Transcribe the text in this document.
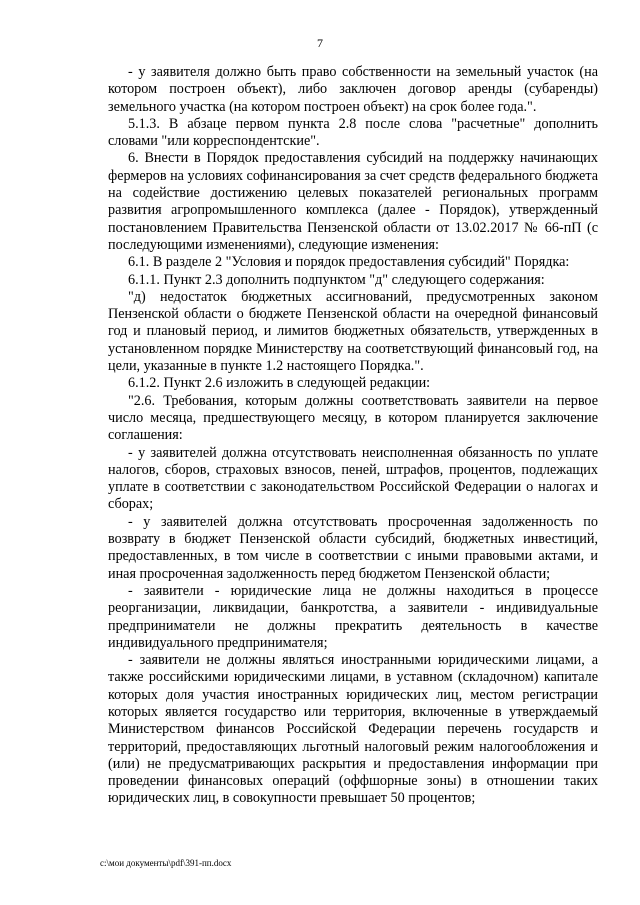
7

- у заявителя должно быть право собственности на земельный участок (на котором построен объект), либо заключен договор аренды (субаренды) земельного участка (на котором построен объект) на срок более года.".

5.1.3. В абзаце первом пункта 2.8 после слова "расчетные" дополнить словами "или корреспондентские".

6. Внести в Порядок предоставления субсидий на поддержку начинающих фермеров на условиях софинансирования за счет средств федерального бюджета на содействие достижению целевых показателей региональных программ развития агропромышленного комплекса (далее - Порядок), утвержденный постановлением Правительства Пензенской области от 13.02.2017 № 66-пП (с последующими изменениями), следующие изменения:

6.1. В разделе 2 "Условия и порядок предоставления субсидий" Порядка:

6.1.1. Пункт 2.3 дополнить подпунктом "д" следующего содержания:

"д) недостаток бюджетных ассигнований, предусмотренных законом Пензенской области о бюджете Пензенской области на очередной финансовый год и плановый период, и лимитов бюджетных обязательств, утвержденных в установленном порядке Министерству на соответствующий финансовый год, на цели, указанные в пункте 1.2 настоящего Порядка.".

6.1.2. Пункт 2.6 изложить в следующей редакции:

"2.6. Требования, которым должны соответствовать заявители на первое число месяца, предшествующего месяцу, в котором планируется заключение соглашения:

- у заявителей должна отсутствовать неисполненная обязанность по уплате налогов, сборов, страховых взносов, пеней, штрафов, процентов, подлежащих уплате в соответствии с законодательством Российской Федерации о налогах и сборах;

- у заявителей должна отсутствовать просроченная задолженность по возврату в бюджет Пензенской области субсидий, бюджетных инвестиций, предоставленных, в том числе в соответствии с иными правовыми актами, и иная просроченная задолженность перед бюджетом Пензенской области;

- заявители - юридические лица не должны находиться в процессе реорганизации, ликвидации, банкротства, а заявители - индивидуальные предприниматели не должны прекратить деятельность в качестве индивидуального предпринимателя;

- заявители не должны являться иностранными юридическими лицами, а также российскими юридическими лицами, в уставном (складочном) капитале которых доля участия иностранных юридических лиц, местом регистрации которых является государство или территория, включенные в утверждаемый Министерством финансов Российской Федерации перечень государств и территорий, предоставляющих льготный налоговый режим налогообложения и (или) не предусматривающих раскрытия и предоставления информации при проведении финансовых операций (оффшорные зоны) в отношении таких юридических лиц, в совокупности превышает 50 процентов;

c:\мои документы\pdf\391-пп.docx
